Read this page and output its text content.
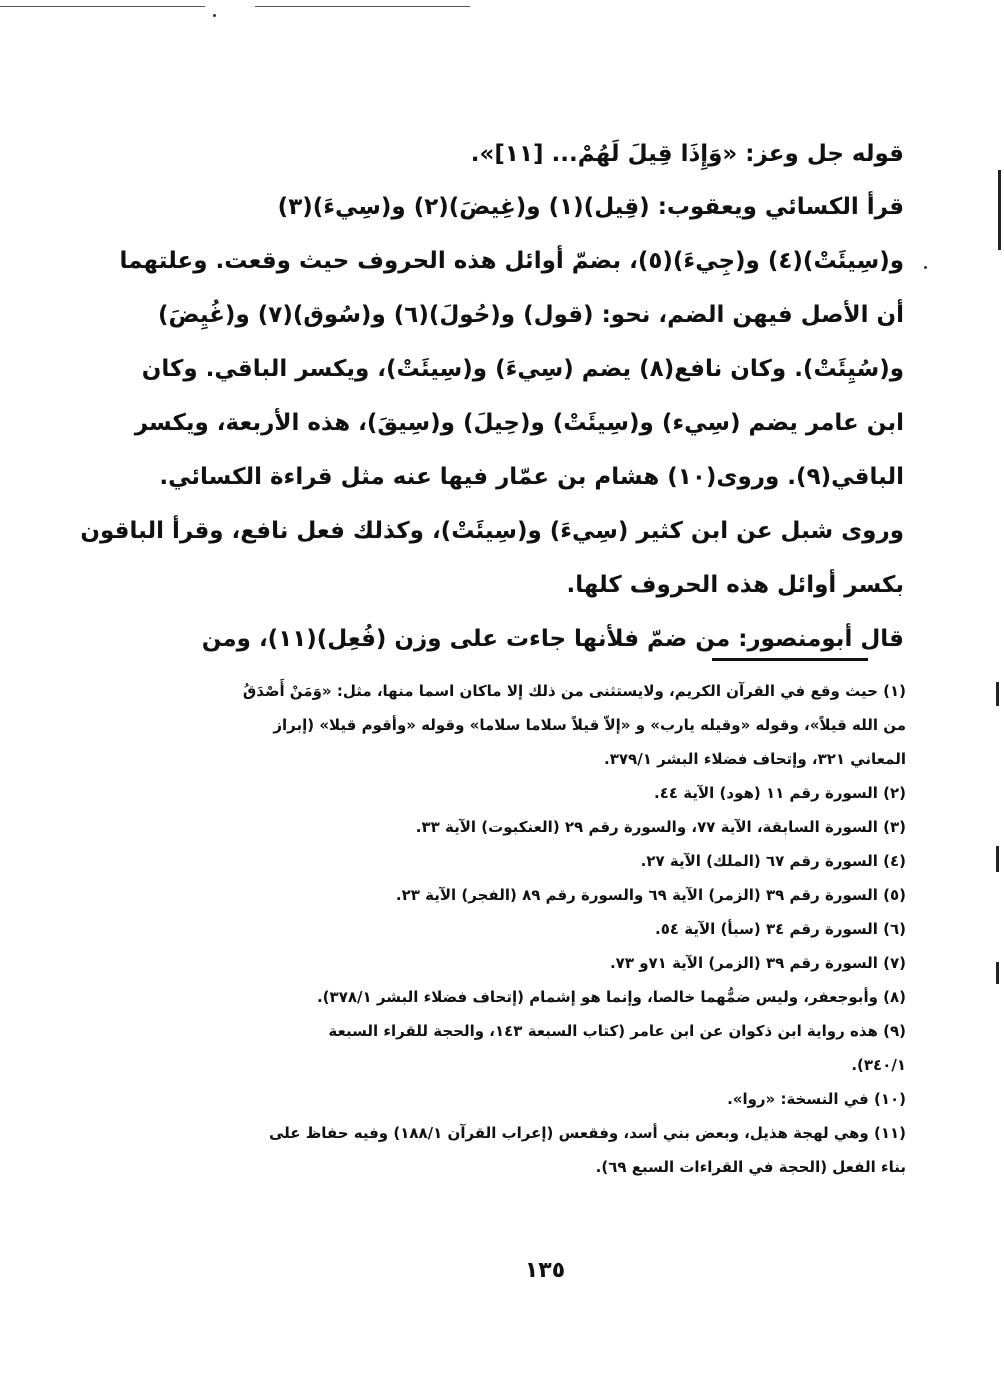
قوله جل وعز: «وَإِذَا قِيلَ لَهُمْ... [١١]».
قرأ الكسائي ويعقوب: (قِيل)(١) و(غِيضَ)(٢) و(سِيءَ)(٣)
و(سِيئَتْ)(٤) و(جِيءَ)(٥)، بضمّ أوائل هذه الحروف حيث وقعت. وعلتهما
أن الأصل فيهن الضم، نحو: (قول) و(حُولَ)(٦) و(سُوق)(٧) و(غُيِضَ)
و(سُيِئَتْ). وكان نافع(٨) يضم (سِيءَ) و(سِيئَتْ)، ويكسر الباقي. وكان
ابن عامر يضم (سِيء) و(سِيئَتْ) و(حِيلَ) و(سِيقَ)، هذه الأربعة، ويكسر
الباقي(٩). وروى(١٠) هشام بن عمّار فيها عنه مثل قراءة الكسائي.
وروى شبل عن ابن كثير (سِيءَ) و(سِيئَتْ)، وكذلك فعل نافع، وقرأ الباقون
بكسر أوائل هذه الحروف كلها.
قال أبومنصور: من ضمّ فلأنها جاءت على وزن (فُعِل)(١١)، ومن
(١) حيث وقع في القرآن الكريم، ولايستثنى من ذلك إلا ماكان اسما منها، مثل: «وَمَنْ أَصْدَقُ
من الله قيلاً»، وقوله «وقيله يارب» و «إلاّ قيلاً سلاما سلاما» وقوله «وأقوم قيلا» (إبراز
المعاني ٣٢١، وإتحاف فضلاء البشر ٣٧٩/١.
(٢) السورة رقم ١١ (هود) الآية ٤٤.
(٣) السورة السابقة، الآية ٧٧، والسورة رقم ٢٩ (العنكبوت) الآية ٣٣.
(٤) السورة رقم ٦٧ (الملك) الآية ٢٧.
(٥) السورة رقم ٣٩ (الزمر) الآية ٦٩ والسورة رقم ٨٩ (الفجر) الآية ٢٣.
(٦) السورة رقم ٣٤ (سبأ) الآية ٥٤.
(٧) السورة رقم ٣٩ (الزمر) الآية ٧١و ٧٣.
(٨) وأبوجعفر، وليس ضمُّهما خالصا، وإنما هو إشمام (إتحاف فضلاء البشر ٣٧٨/١).
(٩) هذه رواية ابن ذكوان عن ابن عامر (كتاب السبعة ١٤٣، والحجة للقراء السبعة
٣٤٠/١).
(١٠) في النسخة: «روا».
(١١) وهي لهجة هذيل، وبعض بني أسد، وفقعس (إعراب القرآن ١٨٨/١) وفيه حفاظ على
بناء الفعل (الحجة في القراءات السبع ٦٩).
١٣٥
